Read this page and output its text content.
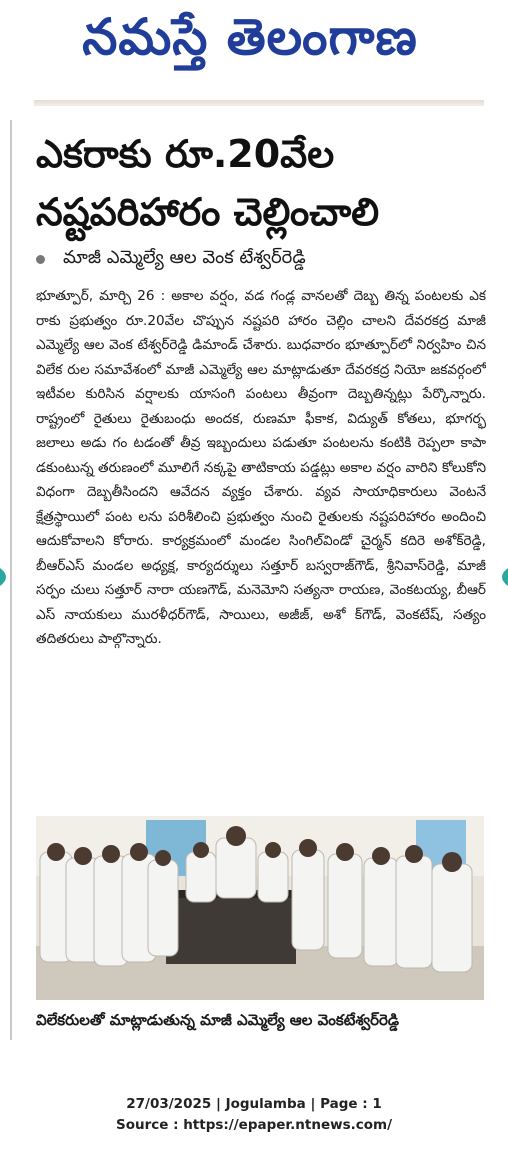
నమస్తే తెలంగాణ
ఎకరాకు రూ.20వేల
నష్టపరిహారం చెల్లించాలి
మాజీ ఎమ్మెల్యే ఆల వెంక టేశ్వర్‌రెడ్డి
భూత్పూర్, మార్చి 26 : అకాల వర్షం, వడ గండ్ల వానలతో దెబ్బ తిన్న పంటలకు ఎక రాకు ప్రభుత్వం రూ.20వేల చొప్పున నష్టపరి హారం చెల్లిం చాలని దేవరకద్ర మాజీ ఎమ్మెల్యే ఆల వెంక టేశ్వర్‌రెడ్డి డిమాండ్ చేశారు. బుధవారం భూత్పూర్‌లో నిర్వహిం చిన విలేక రుల సమావేశంలో మాజీ ఎమ్మెల్యే ఆల మాట్లాడుతూ దేవరకద్ర నియో జకవర్గంలో ఇటీవల కురిసిన వర్షాలకు యాసంగి పంటలు తీవ్రంగా దెబ్బతిన్నట్లు పేర్కొన్నారు. రాష్ట్రంలో రైతులు రైతుబంధు అందక, రుణమా ఫీకాక, విద్యుత్ కోతలు, భూగర్భ జలాలు అడు గం టడంతో తీవ్ర ఇబ్బందులు పడుతూ పంటలను కంటికి రెప్పలా కాపా డకుంటున్న తరుణంలో మూలిగే నక్కపై తాటికాయ పడ్డట్లు అకాల వర్షం వారిని కోలుకోని విధంగా దెబ్బతీసిందని ఆవేదన వ్యక్తం చేశారు. వ్యవ సాయాధికారులు వెంటనే క్షేత్రస్థాయిలో పంట లను పరిశీలించి ప్రభుత్వం నుంచి రైతులకు నష్టపరిహారం అందించి ఆదుకోవాలని కోరారు. కార్యక్రమంలో మండల సింగిల్‌విండో చైర్మన్ కదిరె అశోక్‌రెడ్డి, బీఆర్‌ఎస్ మండల అధ్యక్ష, కార్యదర్శులు సత్తూర్ బస్వరాజ్‌గౌడ్, శ్రీనివాస్‌రెడ్డి, మాజీ సర్పం చులు సత్తూర్ నారా యణగౌడ్, మనెమోని సత్యనా రాయణ, వెంకటయ్య, బీఆర్ ఎస్ నాయకులు మురళీధర్‌గౌడ్, సాయిలు, అజీజ్, అశో క్‌గౌడ్, వెంకటేష్, సత్యం తదితరులు పాల్గొన్నారు.
విలేకరులతో మాట్లాడుతున్న మాజీ ఎమ్మెల్యే ఆల వెంకటేశ్వర్‌రెడ్డి
27/03/2025 | Jogulamba | Page : 1
Source : https://epaper.ntnews.com/
